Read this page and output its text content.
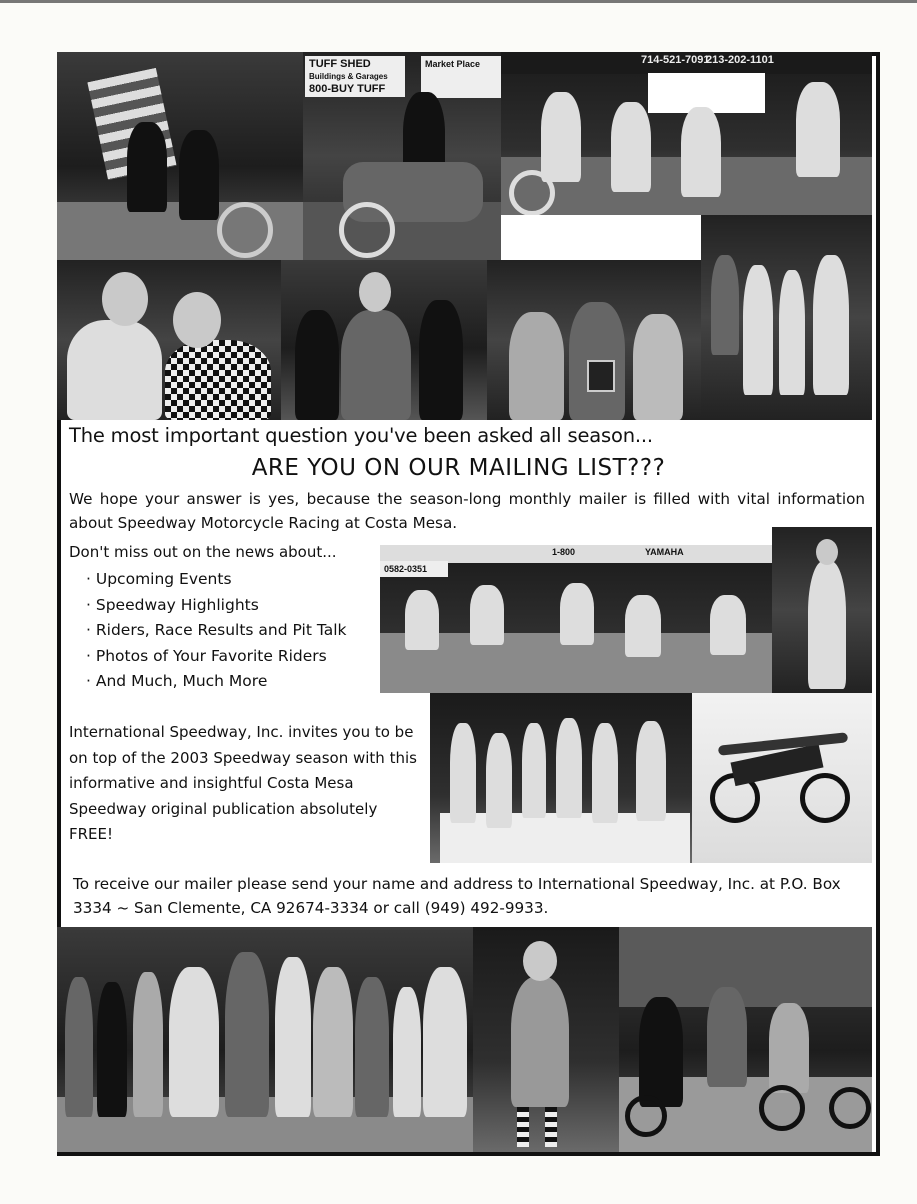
TUFF SHED
Buildings & Garages
800-BUY TUFF
Market Place	714-521-7091
213-202-1101
The most important question you've been asked all season...
ARE YOU ON OUR MAILING LIST???
We hope your answer is yes, because the season-long monthly mailer is filled with vital information about Speedway Motorcycle Racing at Costa Mesa.
Don't miss out on the news about...
· Upcoming Events
· Speedway Highlights
· Riders, Race Results and Pit Talk
· Photos of Your Favorite Riders
· And Much, Much More
1-800	YAMAHA
0582-0351
International Speedway, Inc. invites you to be on top of the 2003 Speedway season with this informative and insightful Costa Mesa Speedway original publication absolutely FREE!
To receive our mailer please send your name and address to International Speedway, Inc. at P.O. Box 3334 ~ San Clemente, CA 92674-3334 or call (949) 492-9933.
